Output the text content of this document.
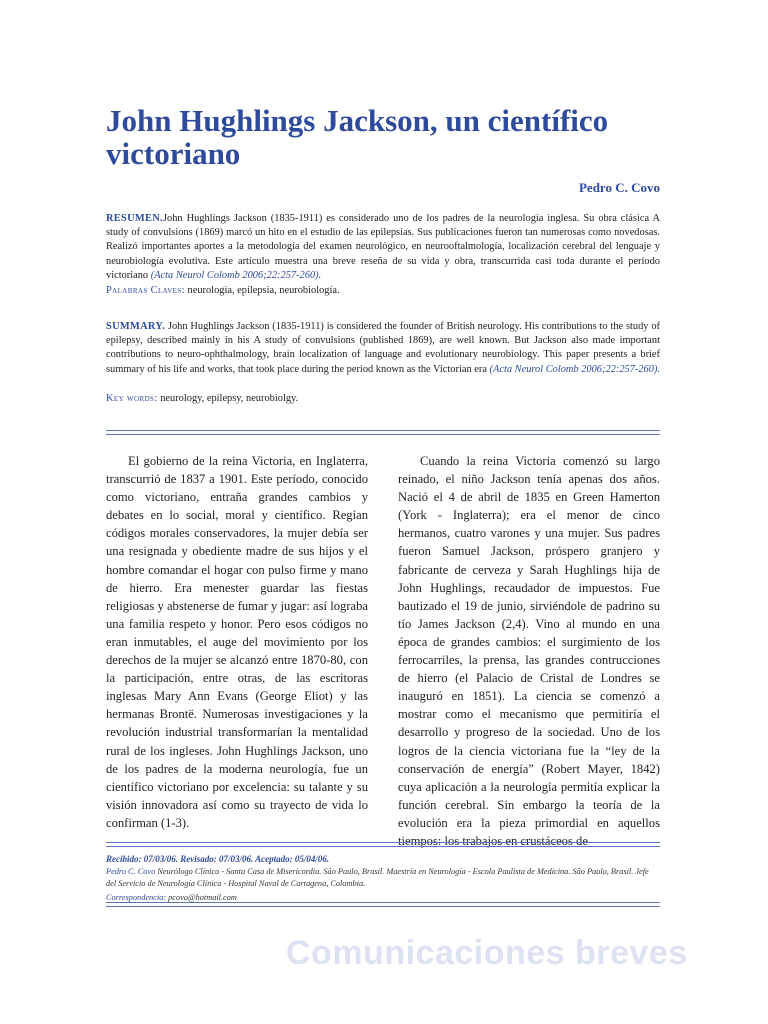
John Hughlings Jackson, un científico victoriano

Pedro C. Covo

RESUMEN.John Hughlings Jackson (1835-1911) es considerado uno de los padres de la neurología inglesa. Su obra clásica A study of convulsions (1869) marcó un hito en el estudio de las epilepsias. Sus publicaciones fueron tan numerosas como novedosas. Realizó importantes aportes a la metodología del examen neurológico, en neurooftalmología, localización cerebral del lenguaje y neurobiología evolutiva. Este artículo muestra una breve reseña de su vida y obra, transcurrida casi toda durante el período victoriano (Acta Neurol Colomb 2006;22:257-260).

Palabras Claves: neurología, epilepsia, neurobiología.

SUMMARY. John Hughlings Jackson (1835-1911) is considered the founder of British neurology. His contributions to the study of epilepsy, described mainly in his A study of convulsions (published 1869), are well known. But Jackson also made important contributions to neuro-ophthalmology, brain localization of language and evolutionary neurobiology. This paper presents a brief summary of his life and works, that took place during the period known as the Victorian era (Acta Neurol Colomb 2006;22:257-260).

Key words: neurology, epilepsy, neurobiolgy.

El gobierno de la reina Victoria, en Inglaterra, transcurrió de 1837 a 1901. Este período, conocido como victoriano, entraña grandes cambios y debates en lo social, moral y científico. Regían códigos morales conservadores, la mujer debía ser una resignada y obediente madre de sus hijos y el hombre comandar el hogar con pulso firme y mano de hierro. Era menester guardar las fiestas religiosas y abstenerse de fumar y jugar: así lograba una familia respeto y honor. Pero esos códigos no eran inmutables, el auge del movimiento por los derechos de la mujer se alcanzó entre 1870-80, con la participación, entre otras, de las escritoras inglesas Mary Ann Evans (George Eliot) y las hermanas Brontë. Numerosas investigaciones y la revolución industrial transformarían la mentalidad rural de los ingleses. John Hughlings Jackson, uno de los padres de la moderna neurología, fue un científico victoriano por excelencia: su talante y su visión innovadora así como su trayecto de vida lo confirman (1-3).

Cuando la reina Victoria comenzó su largo reinado, el niño Jackson tenía apenas dos años. Nació el 4 de abril de 1835 en Green Hamerton (York - Inglaterra); era el menor de cinco hermanos, cuatro varones y una mujer. Sus padres fueron Samuel Jackson, próspero granjero y fabricante de cerveza y Sarah Hughlings hija de John Hughlings, recaudador de impuestos. Fue bautizado el 19 de junio, sirviéndole de padrino su tío James Jackson (2,4). Vino al mundo en una época de grandes cambios: el surgimiento de los ferrocarriles, la prensa, las grandes contrucciones de hierro (el Palacio de Cristal de Londres se inauguró en 1851). La ciencia se comenzó a mostrar como el mecanismo que permitiría el desarrollo y progreso de la sociedad. Uno de los logros de la ciencia victoriana fue la “ley de la conservación de energía” (Robert Mayer, 1842) cuya aplicación a la neurología permitía explicar la función cerebral. Sin embargo la teoría de la evolución era la pieza primordial en aquellos tiempos: los trabajos en crustáceos de

Recibido: 07/03/06. Revisado: 07/03/06. Aceptado: 05/04/06.

Pedro C. Covo Neurólogo Clínico - Santa Casa de Misericordia. São Paulo, Brasil. Maestría en Neurología - Escola Paulista de Medicina. São Paulo, Brasil. Jefe del Servicio de Neurología Clínica - Hospital Naval de Cartagena, Colombia.

Correspondencia: pcovo@hotmail.com

Comunicaciones breves
